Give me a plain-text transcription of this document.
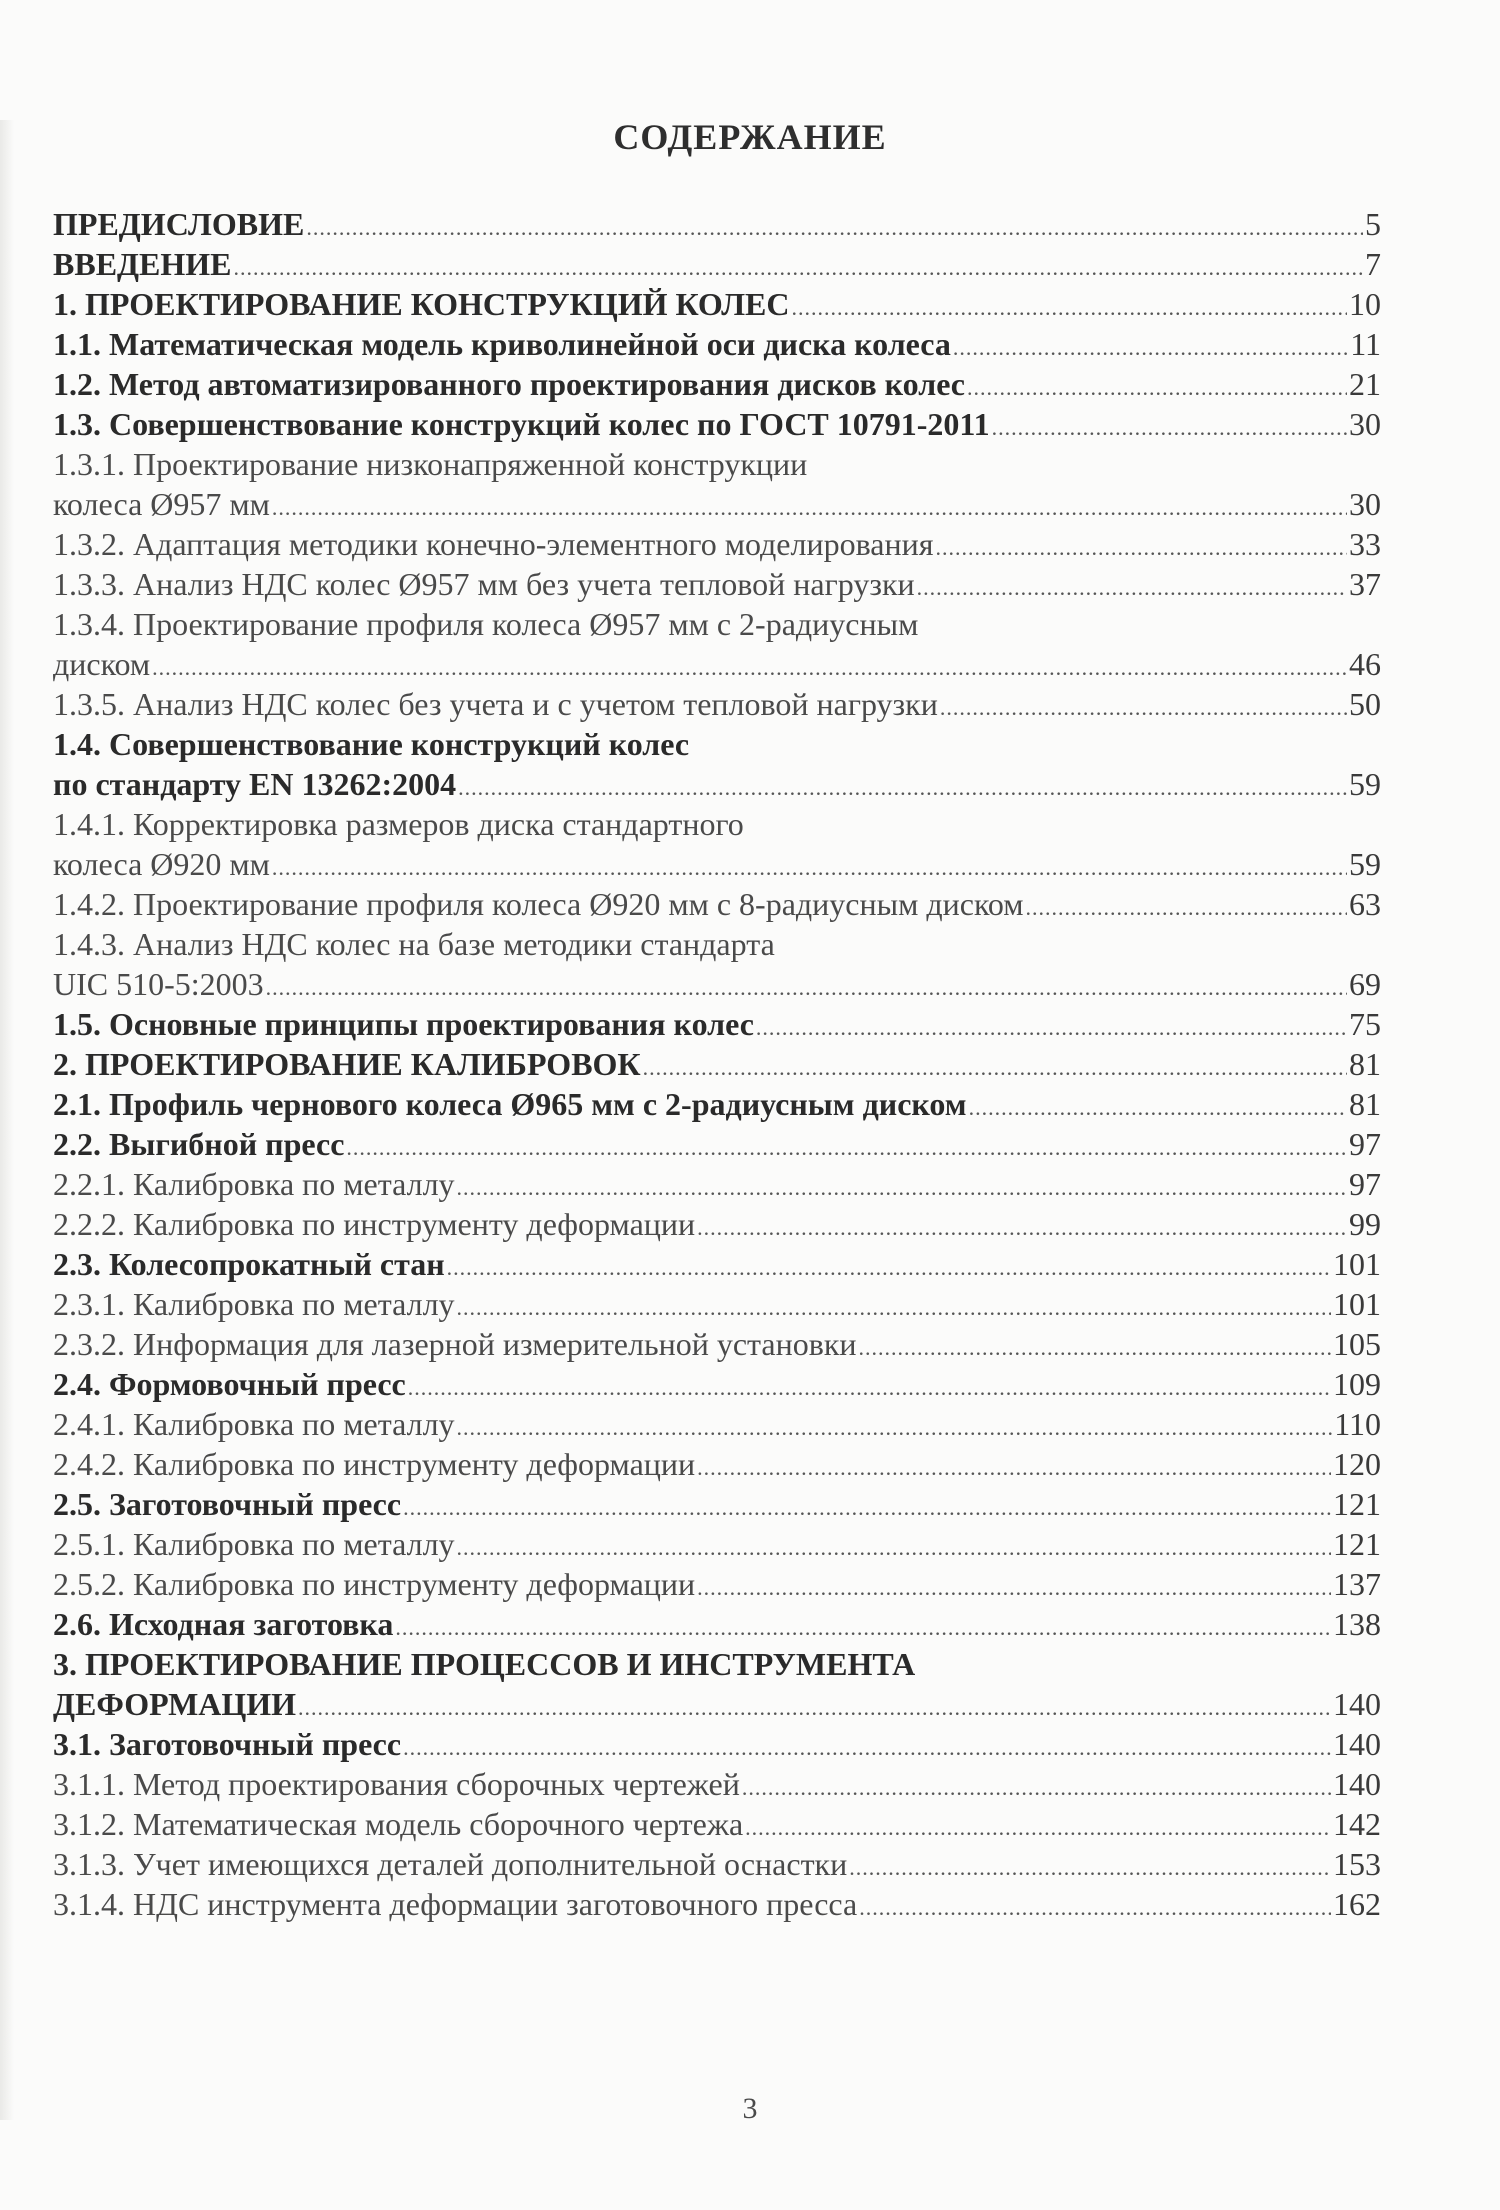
СОДЕРЖАНИЕ
ПРЕДИСЛОВИЕ .....	5
ВВЕДЕНИЕ .....	7
1. ПРОЕКТИРОВАНИЕ КОНСТРУКЦИЙ КОЛЕС .....	10
1.1. Математическая модель криволинейной оси диска колеса .....	11
1.2. Метод автоматизированного проектирования дисков колес .....	21
1.3. Совершенствование конструкций колес по ГОСТ 10791-2011 .....	30
1.3.1. Проектирование низконапряженной конструкции
колеса Ø957 мм .....	30
1.3.2. Адаптация методики конечно-элементного моделирования .....	33
1.3.3. Анализ НДС колес Ø957 мм без учета тепловой нагрузки .....	37
1.3.4. Проектирование профиля колеса Ø957 мм с 2-радиусным
диском .....	46
1.3.5. Анализ НДС колес без учета и с учетом тепловой нагрузки .....	50
1.4. Совершенствование конструкций колес
по стандарту EN 13262:2004 .....	59
1.4.1. Корректировка размеров диска стандартного
колеса Ø920 мм .....	59
1.4.2. Проектирование профиля колеса Ø920 мм с 8-радиусным диском .....	63
1.4.3. Анализ НДС колес на базе методики стандарта
UIC 510-5:2003 .....	69
1.5. Основные принципы проектирования колес .....	75
2. ПРОЕКТИРОВАНИЕ КАЛИБРОВОК .....	81
2.1. Профиль чернового колеса Ø965 мм с 2-радиусным диском .....	81
2.2. Выгибной пресс .....	97
2.2.1. Калибровка по металлу .....	97
2.2.2. Калибровка по инструменту деформации .....	99
2.3. Колесопрокатный стан .....	101
2.3.1. Калибровка по металлу .....	101
2.3.2. Информация для лазерной измерительной установки .....	105
2.4. Формовочный пресс .....	109
2.4.1. Калибровка по металлу .....	110
2.4.2. Калибровка по инструменту деформации .....	120
2.5. Заготовочный пресс .....	121
2.5.1. Калибровка по металлу .....	121
2.5.2. Калибровка по инструменту деформации .....	137
2.6. Исходная заготовка .....	138
3. ПРОЕКТИРОВАНИЕ ПРОЦЕССОВ И ИНСТРУМЕНТА
ДЕФОРМАЦИИ .....	140
3.1. Заготовочный пресс .....	140
3.1.1. Метод проектирования сборочных чертежей .....	140
3.1.2. Математическая модель сборочного чертежа .....	142
3.1.3. Учет имеющихся деталей дополнительной оснастки .....	153
3.1.4. НДС инструмента деформации заготовочного пресса .....	162
3
